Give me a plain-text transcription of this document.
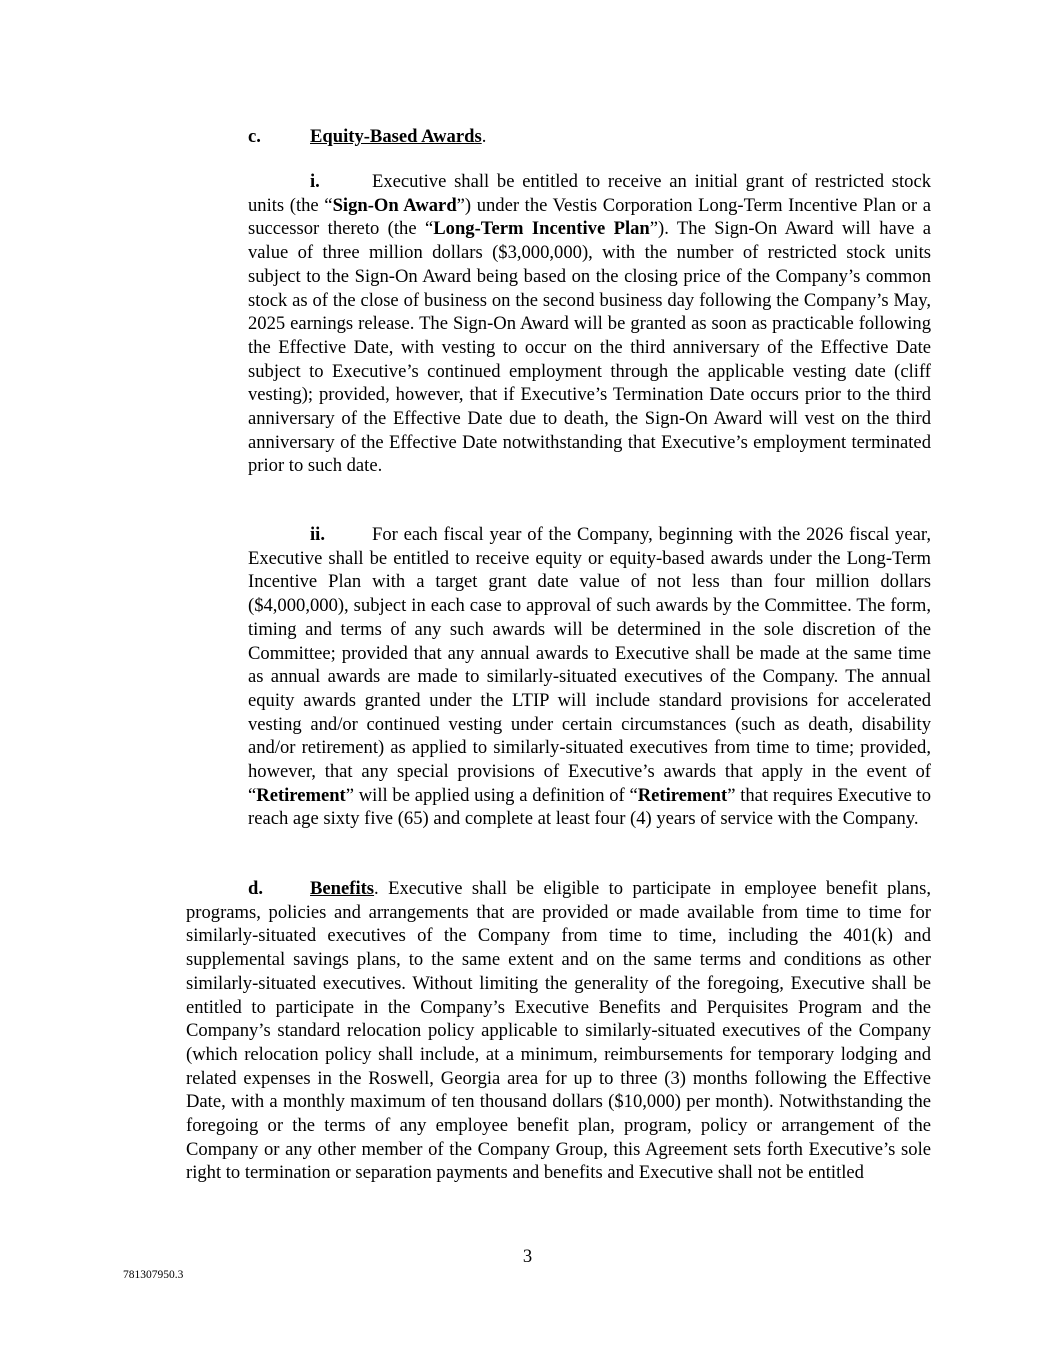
c.	Equity-Based Awards.
i.	Executive shall be entitled to receive an initial grant of restricted stock units (the “Sign-On Award”) under the Vestis Corporation Long-Term Incentive Plan or a successor thereto (the “Long-Term Incentive Plan”). The Sign-On Award will have a value of three million dollars ($3,000,000), with the number of restricted stock units subject to the Sign-On Award being based on the closing price of the Company’s common stock as of the close of business on the second business day following the Company’s May, 2025 earnings release. The Sign-On Award will be granted as soon as practicable following the Effective Date, with vesting to occur on the third anniversary of the Effective Date subject to Executive’s continued employment through the applicable vesting date (cliff vesting); provided, however, that if Executive’s Termination Date occurs prior to the third anniversary of the Effective Date due to death, the Sign-On Award will vest on the third anniversary of the Effective Date notwithstanding that Executive’s employment terminated prior to such date.
ii.	For each fiscal year of the Company, beginning with the 2026 fiscal year, Executive shall be entitled to receive equity or equity-based awards under the Long-Term Incentive Plan with a target grant date value of not less than four million dollars ($4,000,000), subject in each case to approval of such awards by the Committee. The form, timing and terms of any such awards will be determined in the sole discretion of the Committee; provided that any annual awards to Executive shall be made at the same time as annual awards are made to similarly-situated executives of the Company. The annual equity awards granted under the LTIP will include standard provisions for accelerated vesting and/or continued vesting under certain circumstances (such as death, disability and/or retirement) as applied to similarly-situated executives from time to time; provided, however, that any special provisions of Executive’s awards that apply in the event of “Retirement” will be applied using a definition of “Retirement” that requires Executive to reach age sixty five (65) and complete at least four (4) years of service with the Company.
d.	Benefits. Executive shall be eligible to participate in employee benefit plans, programs, policies and arrangements that are provided or made available from time to time for similarly-situated executives of the Company from time to time, including the 401(k) and supplemental savings plans, to the same extent and on the same terms and conditions as other similarly-situated executives. Without limiting the generality of the foregoing, Executive shall be entitled to participate in the Company’s Executive Benefits and Perquisites Program and the Company’s standard relocation policy applicable to similarly-situated executives of the Company (which relocation policy shall include, at a minimum, reimbursements for temporary lodging and related expenses in the Roswell, Georgia area for up to three (3) months following the Effective Date, with a monthly maximum of ten thousand dollars ($10,000) per month). Notwithstanding the foregoing or the terms of any employee benefit plan, program, policy or arrangement of the Company or any other member of the Company Group, this Agreement sets forth Executive’s sole right to termination or separation payments and benefits and Executive shall not be entitled
3
781307950.3
